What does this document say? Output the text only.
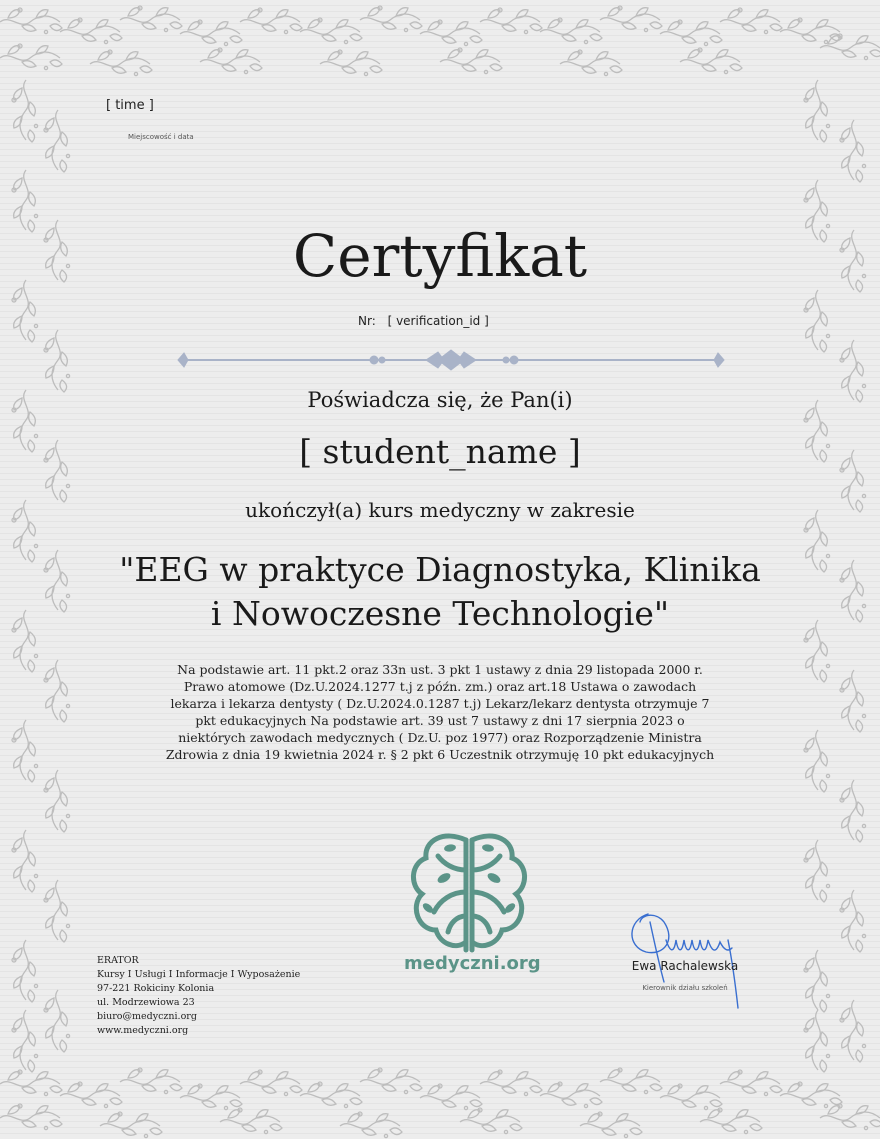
[ time ]
Miejscowość i data
Certyfikat
Nr: [ verification_id ]
Poświadcza się, że Pan(i)
[ student_name ]
ukończył(a) kurs medyczny w zakresie
"EEG w praktyce Diagnostyka, Klinika
i Nowoczesne Technologie"
Na podstawie art. 11 pkt.2 oraz 33n ust. 3 pkt 1 ustawy z dnia 29 listopada 2000 r. Prawo atomowe (Dz.U.2024.1277 t.j z późn. zm.) oraz art.18 Ustawa o zawodach lekarza i lekarza dentysty ( Dz.U.2024.0.1287 t.j) Lekarz/lekarz dentysta otrzymuje 7 pkt edukacyjnych Na podstawie art. 39 ust 7 ustawy z dni 17 sierpnia 2023 o niektórych zawodach medycznych ( Dz.U. poz 1977) oraz Rozporządzenie Ministra Zdrowia z dnia 19 kwietnia 2024 r. § 2 pkt 6 Uczestnik otrzymuję 10 pkt edukacyjnych
medyczni.org
ERATOR
Kursy I Usługi I Informacje I Wyposażenie
97-221 Rokiciny Kolonia
ul. Modrzewiowa 23
biuro@medyczni.org
www.medyczni.org
Ewa Rachalewska
Kierownik działu szkoleń
